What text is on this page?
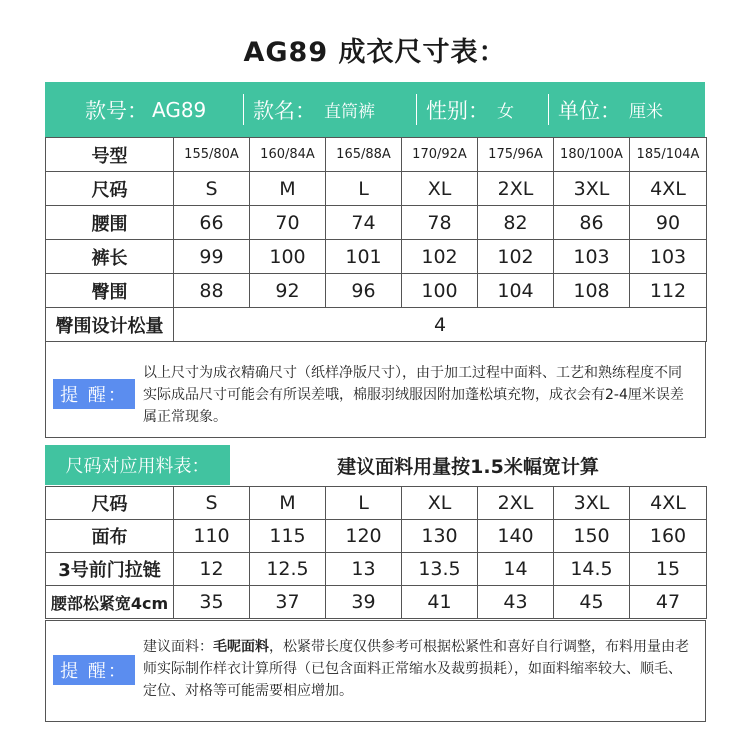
AG89 成衣尺寸表：
款号： AG89 款名： 直筒裤 性别： 女 单位： 厘米
号型	155/80A	160/84A	165/88A	170/92A	175/96A	180/100A	185/104A
尺码	S	M	L	XL	2XL	3XL	4XL
腰围	66	70	74	78	82	86	90
裤长	99	100	101	102	102	103	103
臀围	88	92	96	100	104	108	112
臀围设计松量	4						
提 醒：
以上尺寸为成衣精确尺寸（纸样净版尺寸），由于加工过程中面料、工艺和熟练程度不同实际成品尺寸可能会有所误差哦，棉服羽绒服因附加蓬松填充物，成衣会有2-4厘米误差属正常现象。
尺码对应用料表：	建议面料用量按1.5米幅宽计算
尺码	S	M	L	XL	2XL	3XL	4XL
面布	110	115	120	130	140	150	160
3号前门拉链	12	12.5	13	13.5	14	14.5	15
腰部松紧宽4cm	35	37	39	41	43	45	47
提 醒：
建议面料：毛呢面料，松紧带长度仅供参考可根据松紧性和喜好自行调整，布料用量由老师实际制作样衣计算所得（已包含面料正常缩水及裁剪损耗），如面料缩率较大、顺毛、定位、对格等可能需要相应增加。
